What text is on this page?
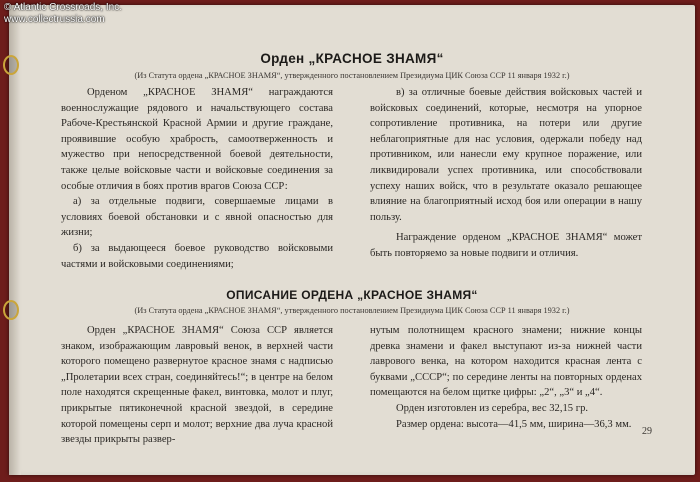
© Atlantic Crossroads, Inc.
www.collectrussia.com
Орден „КРАСНОЕ ЗНАМЯ“
(Из Статута ордена „КРАСНОЕ ЗНАМЯ“, утвержденного постановлением Президиума ЦИК Союза ССР 11 января 1932 г.)

Орденом „КРАСНОЕ ЗНАМЯ“ награждаются военнослужащие рядового и начальствующего состава Рабоче-Крестьянской Красной Армии и другие граждане, проявившие особую храбрость, самоотверженность и мужество при непосредственной боевой деятельности, также целые войсковые части и войсковые соединения за особые отличия в боях против врагов Союза ССР:

а) за отдельные подвиги, совершаемые лицами в условиях боевой обстановки и с явной опасностью для жизни;

б) за выдающееся боевое руководство войсковыми частями и войсковыми соединениями;

в) за отличные боевые действия войсковых частей и войсковых соединений, которые, несмотря на упорное сопротивление противника, на потери или другие неблагоприятные для нас условия, одержали победу над противником, или нанесли ему крупное поражение, или ликвидировали успех противника, или способствовали успеху наших войск, что в результате оказало решающее влияние на благоприятный исход боя или операции в нашу пользу.

Награждение орденом „КРАСНОЕ ЗНАМЯ“ может быть повторяемо за новые подвиги и отличия.

ОПИСАНИЕ ОРДЕНА „КРАСНОЕ ЗНАМЯ“
(Из Статута ордена „КРАСНОЕ ЗНАМЯ“, утвержденного постановлением Президиума ЦИК Союза ССР 11 января 1932 г.)

Орден „КРАСНОЕ ЗНАМЯ“ Союза ССР является знаком, изображающим лавровый венок, в верхней части которого помещено развернутое красное знамя с надписью „Пролетарии всех стран, соединяйтесь!“; в центре на белом поле находятся скрещенные факел, винтовка, молот и плуг, прикрытые пятиконечной красной звездой, в середине которой помещены серп и молот; верхние два луча красной звезды прикрыты развер-

нутым полотнищем красного знамени; нижние концы древка знамени и факел выступают из-за нижней части лаврового венка, на котором находится красная лента с буквами „СССР“; по середине ленты на повторных орденах помещаются на белом щитке цифры: „2“, „3“ и „4“.

Орден изготовлен из серебра, вес 32,15 гр.

Размер ордена: высота—41,5 мм, ширина—36,3 мм.

29
